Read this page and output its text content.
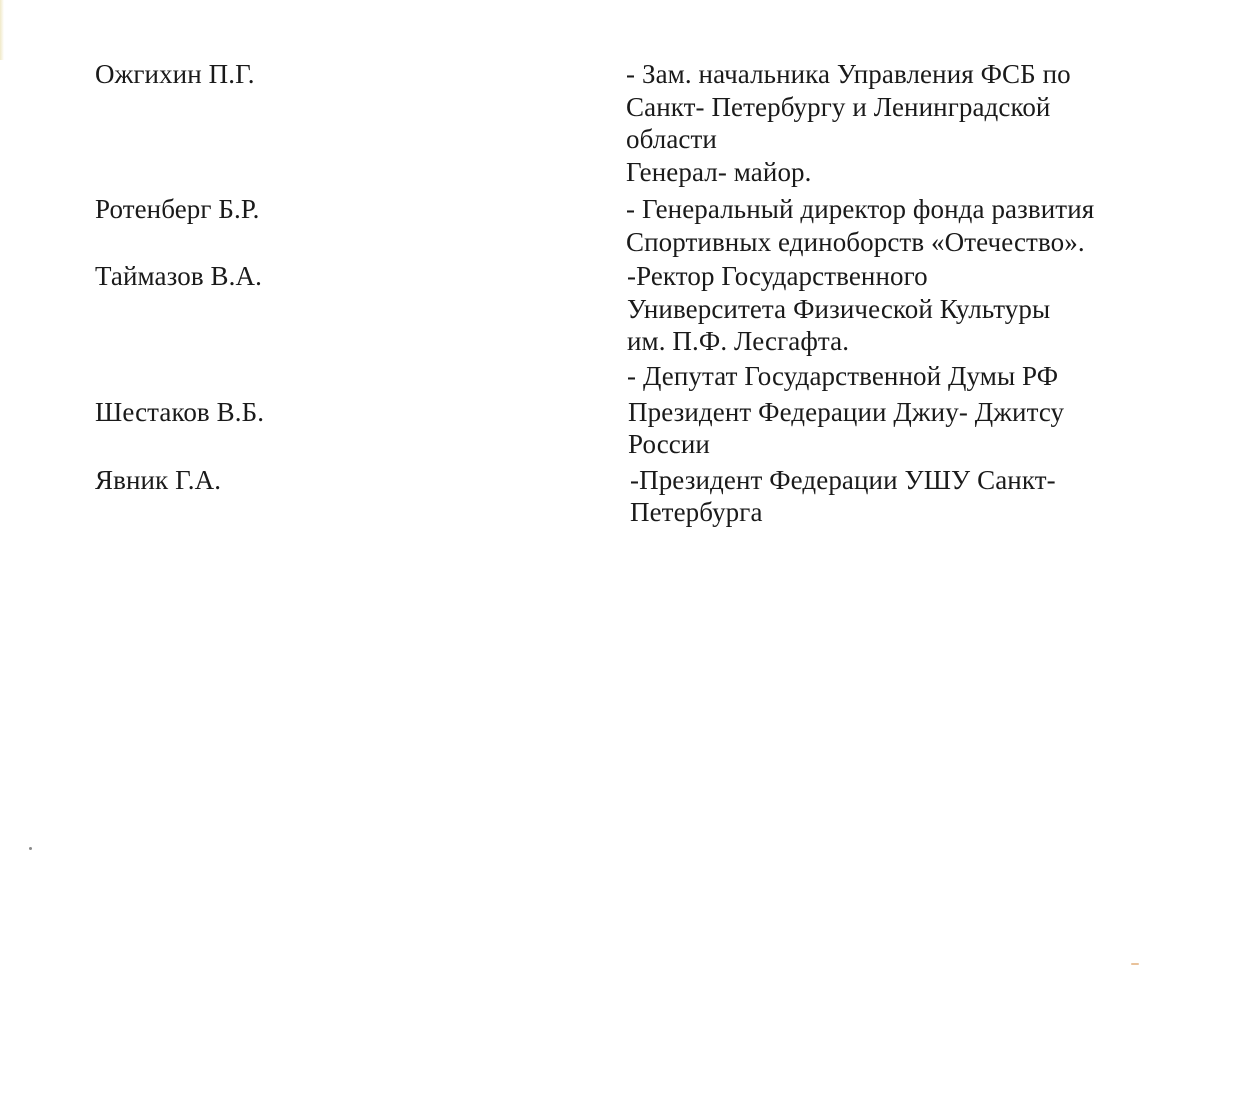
Ожгихин П.Г.	- Зам. начальника Управления ФСБ по
Санкт- Петербургу и Ленинградской
области
Генерал- майор.
Ротенберг Б.Р.	- Генеральный директор фонда развития
Спортивных единоборств «Отечество».
Таймазов В.А.	-Ректор Государственного
Университета Физической Культуры
им. П.Ф. Лесгафта.
- Депутат Государственной Думы РФ
Шестаков В.Б.	Президент Федерации Джиу- Джитсу
России
Явник Г.А.	-Президент Федерации УШУ Санкт-
Петербурга
